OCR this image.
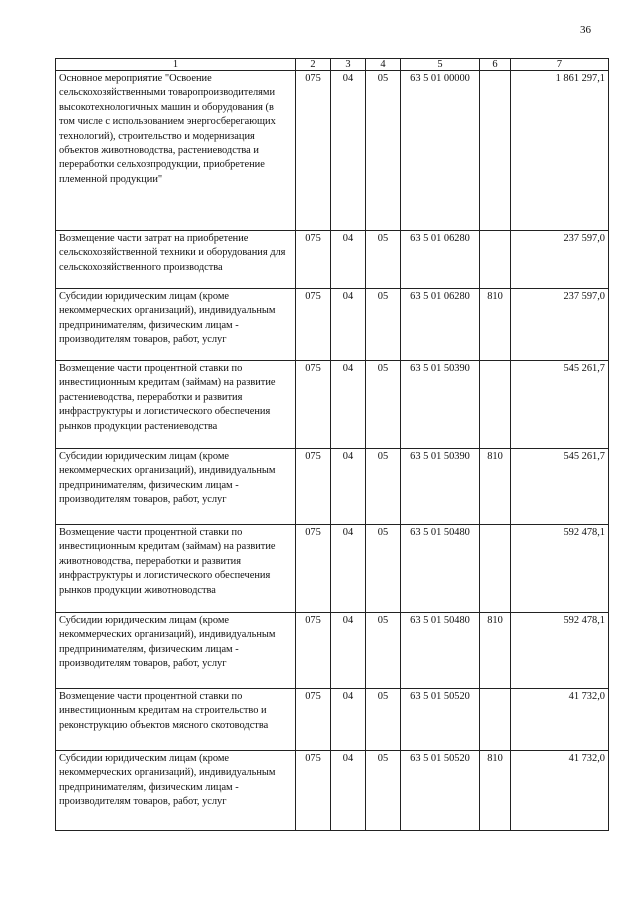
36
1	2	3	4	5	6	7
Основное мероприятие "Освоение сельскохозяйственными товаропроизводителями высокотехнологичных машин и оборудования (в том числе с использованием энергосберегающих технологий), строительство и модернизация объектов животноводства, растениеводства и переработки сельхозпродукции, приобретение племенной продукции"	075	04	05	63 5 01 00000		1 861 297,1
Возмещение части затрат на приобретение сельскохозяйственной техники и оборудования для сельскохозяйственного производства	075	04	05	63 5 01 06280		237 597,0
Субсидии юридическим лицам (кроме некоммерческих организаций), индивидуальным предпринимателям, физическим лицам - производителям товаров, работ, услуг	075	04	05	63 5 01 06280	810	237 597,0
Возмещение части процентной ставки по инвестиционным кредитам (займам) на развитие растениеводства, переработки и развития инфраструктуры и логистического обеспечения рынков продукции растениеводства	075	04	05	63 5 01 50390		545 261,7
Субсидии юридическим лицам (кроме некоммерческих организаций), индивидуальным предпринимателям, физическим лицам - производителям товаров, работ, услуг	075	04	05	63 5 01 50390	810	545 261,7
Возмещение части процентной ставки по инвестиционным кредитам (займам) на развитие животноводства, переработки и развития инфраструктуры и логистического обеспечения рынков продукции животноводства	075	04	05	63 5 01 50480		592 478,1
Субсидии юридическим лицам (кроме некоммерческих организаций), индивидуальным предпринимателям, физическим лицам - производителям товаров, работ, услуг	075	04	05	63 5 01 50480	810	592 478,1
Возмещение части процентной ставки по инвестиционным кредитам на строительство и реконструкцию объектов мясного скотоводства	075	04	05	63 5 01 50520		41 732,0
Субсидии юридическим лицам (кроме некоммерческих организаций), индивидуальным предпринимателям, физическим лицам - производителям товаров, работ, услуг	075	04	05	63 5 01 50520	810	41 732,0
